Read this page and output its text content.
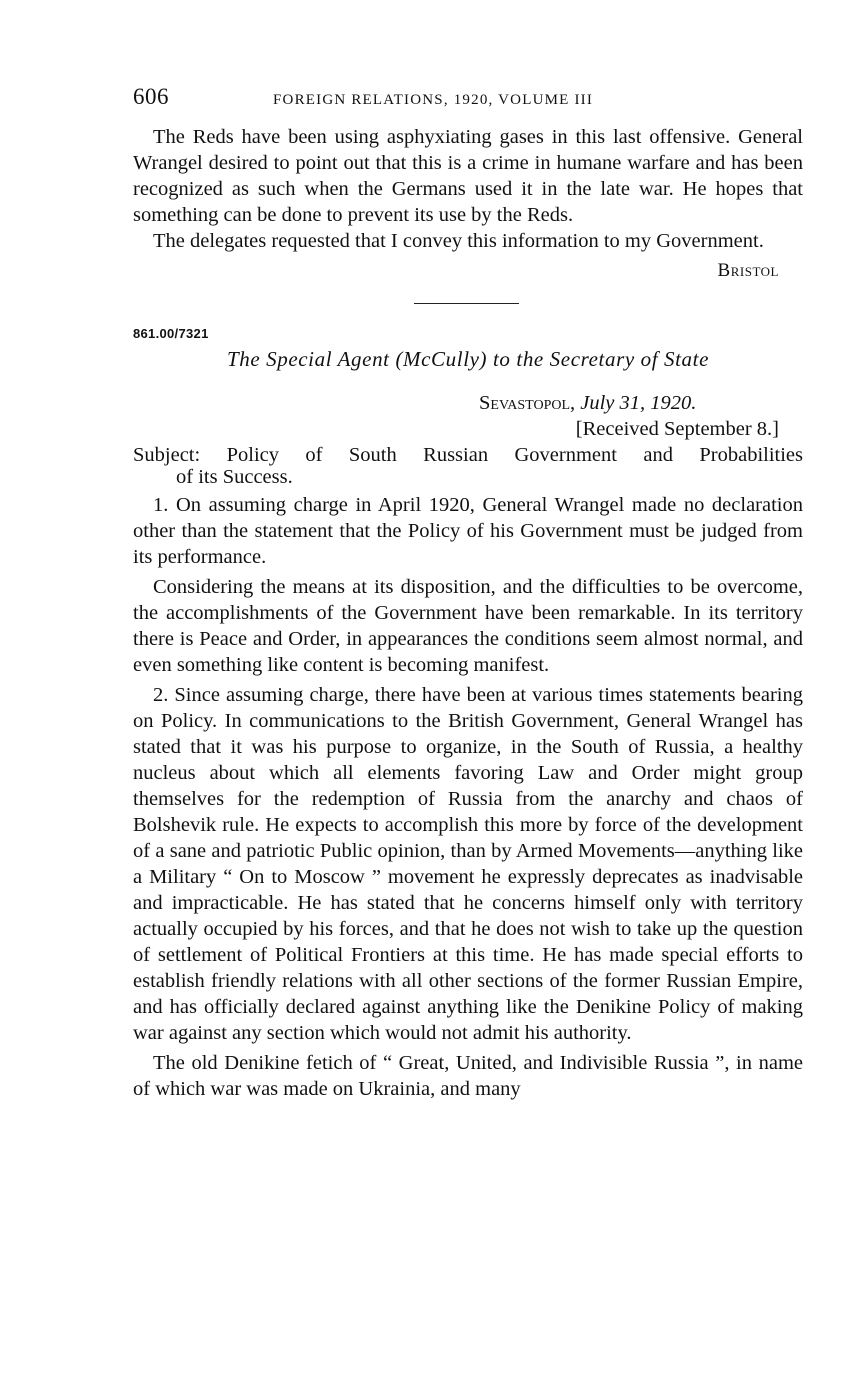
606	FOREIGN RELATIONS, 1920, VOLUME III

The Reds have been using asphyxiating gases in this last offensive. General Wrangel desired to point out that this is a crime in humane warfare and has been recognized as such when the Germans used it in the late war. He hopes that something can be done to prevent its use by the Reds.

The delegates requested that I convey this information to my Government.

Bristol
861.00/7321
The Special Agent (McCully) to the Secretary of State
Sevastopol, July 31, 1920.
[Received September 8.]
Subject: Policy of South Russian Government and Probabilities
of its Success.

1. On assuming charge in April 1920, General Wrangel made no declaration other than the statement that the Policy of his Government must be judged from its performance.

Considering the means at its disposition, and the difficulties to be overcome, the accomplishments of the Government have been remarkable. In its territory there is Peace and Order, in appearances the conditions seem almost normal, and even something like content is becoming manifest.

2. Since assuming charge, there have been at various times statements bearing on Policy. In communications to the British Government, General Wrangel has stated that it was his purpose to organize, in the South of Russia, a healthy nucleus about which all elements favoring Law and Order might group themselves for the redemption of Russia from the anarchy and chaos of Bolshevik rule. He expects to accomplish this more by force of the development of a sane and patriotic Public opinion, than by Armed Movements—anything like a Military “ On to Moscow ” movement he expressly deprecates as inadvisable and impracticable. He has stated that he concerns himself only with territory actually occupied by his forces, and that he does not wish to take up the question of settlement of Political Frontiers at this time. He has made special efforts to establish friendly relations with all other sections of the former Russian Empire, and has officially declared against anything like the Denikine Policy of making war against any section which would not admit his authority.

The old Denikine fetich of “ Great, United, and Indivisible Russia ”, in name of which war was made on Ukrainia, and many
